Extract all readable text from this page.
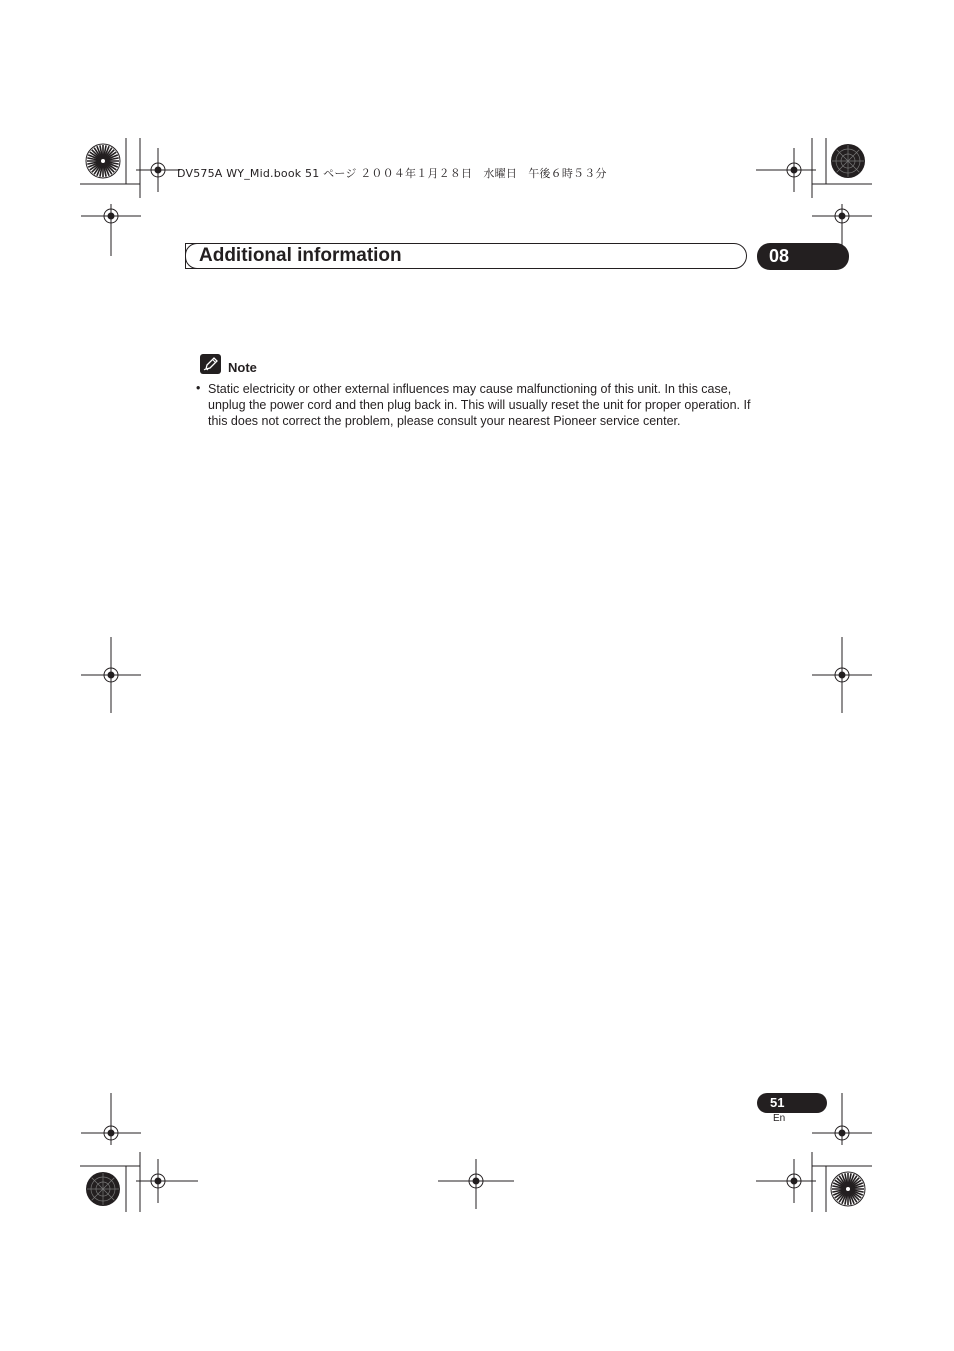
DV575A WY_Mid.book 51 ページ ２００４年１月２８日　水曜日　午後６時５３分
Additional information	08
Note
• Static electricity or other external influences may cause malfunctioning of this unit. In this case, unplug the power cord and then plug back in. This will usually reset the unit for proper operation. If this does not correct the problem, please consult your nearest Pioneer service center.
51
En
